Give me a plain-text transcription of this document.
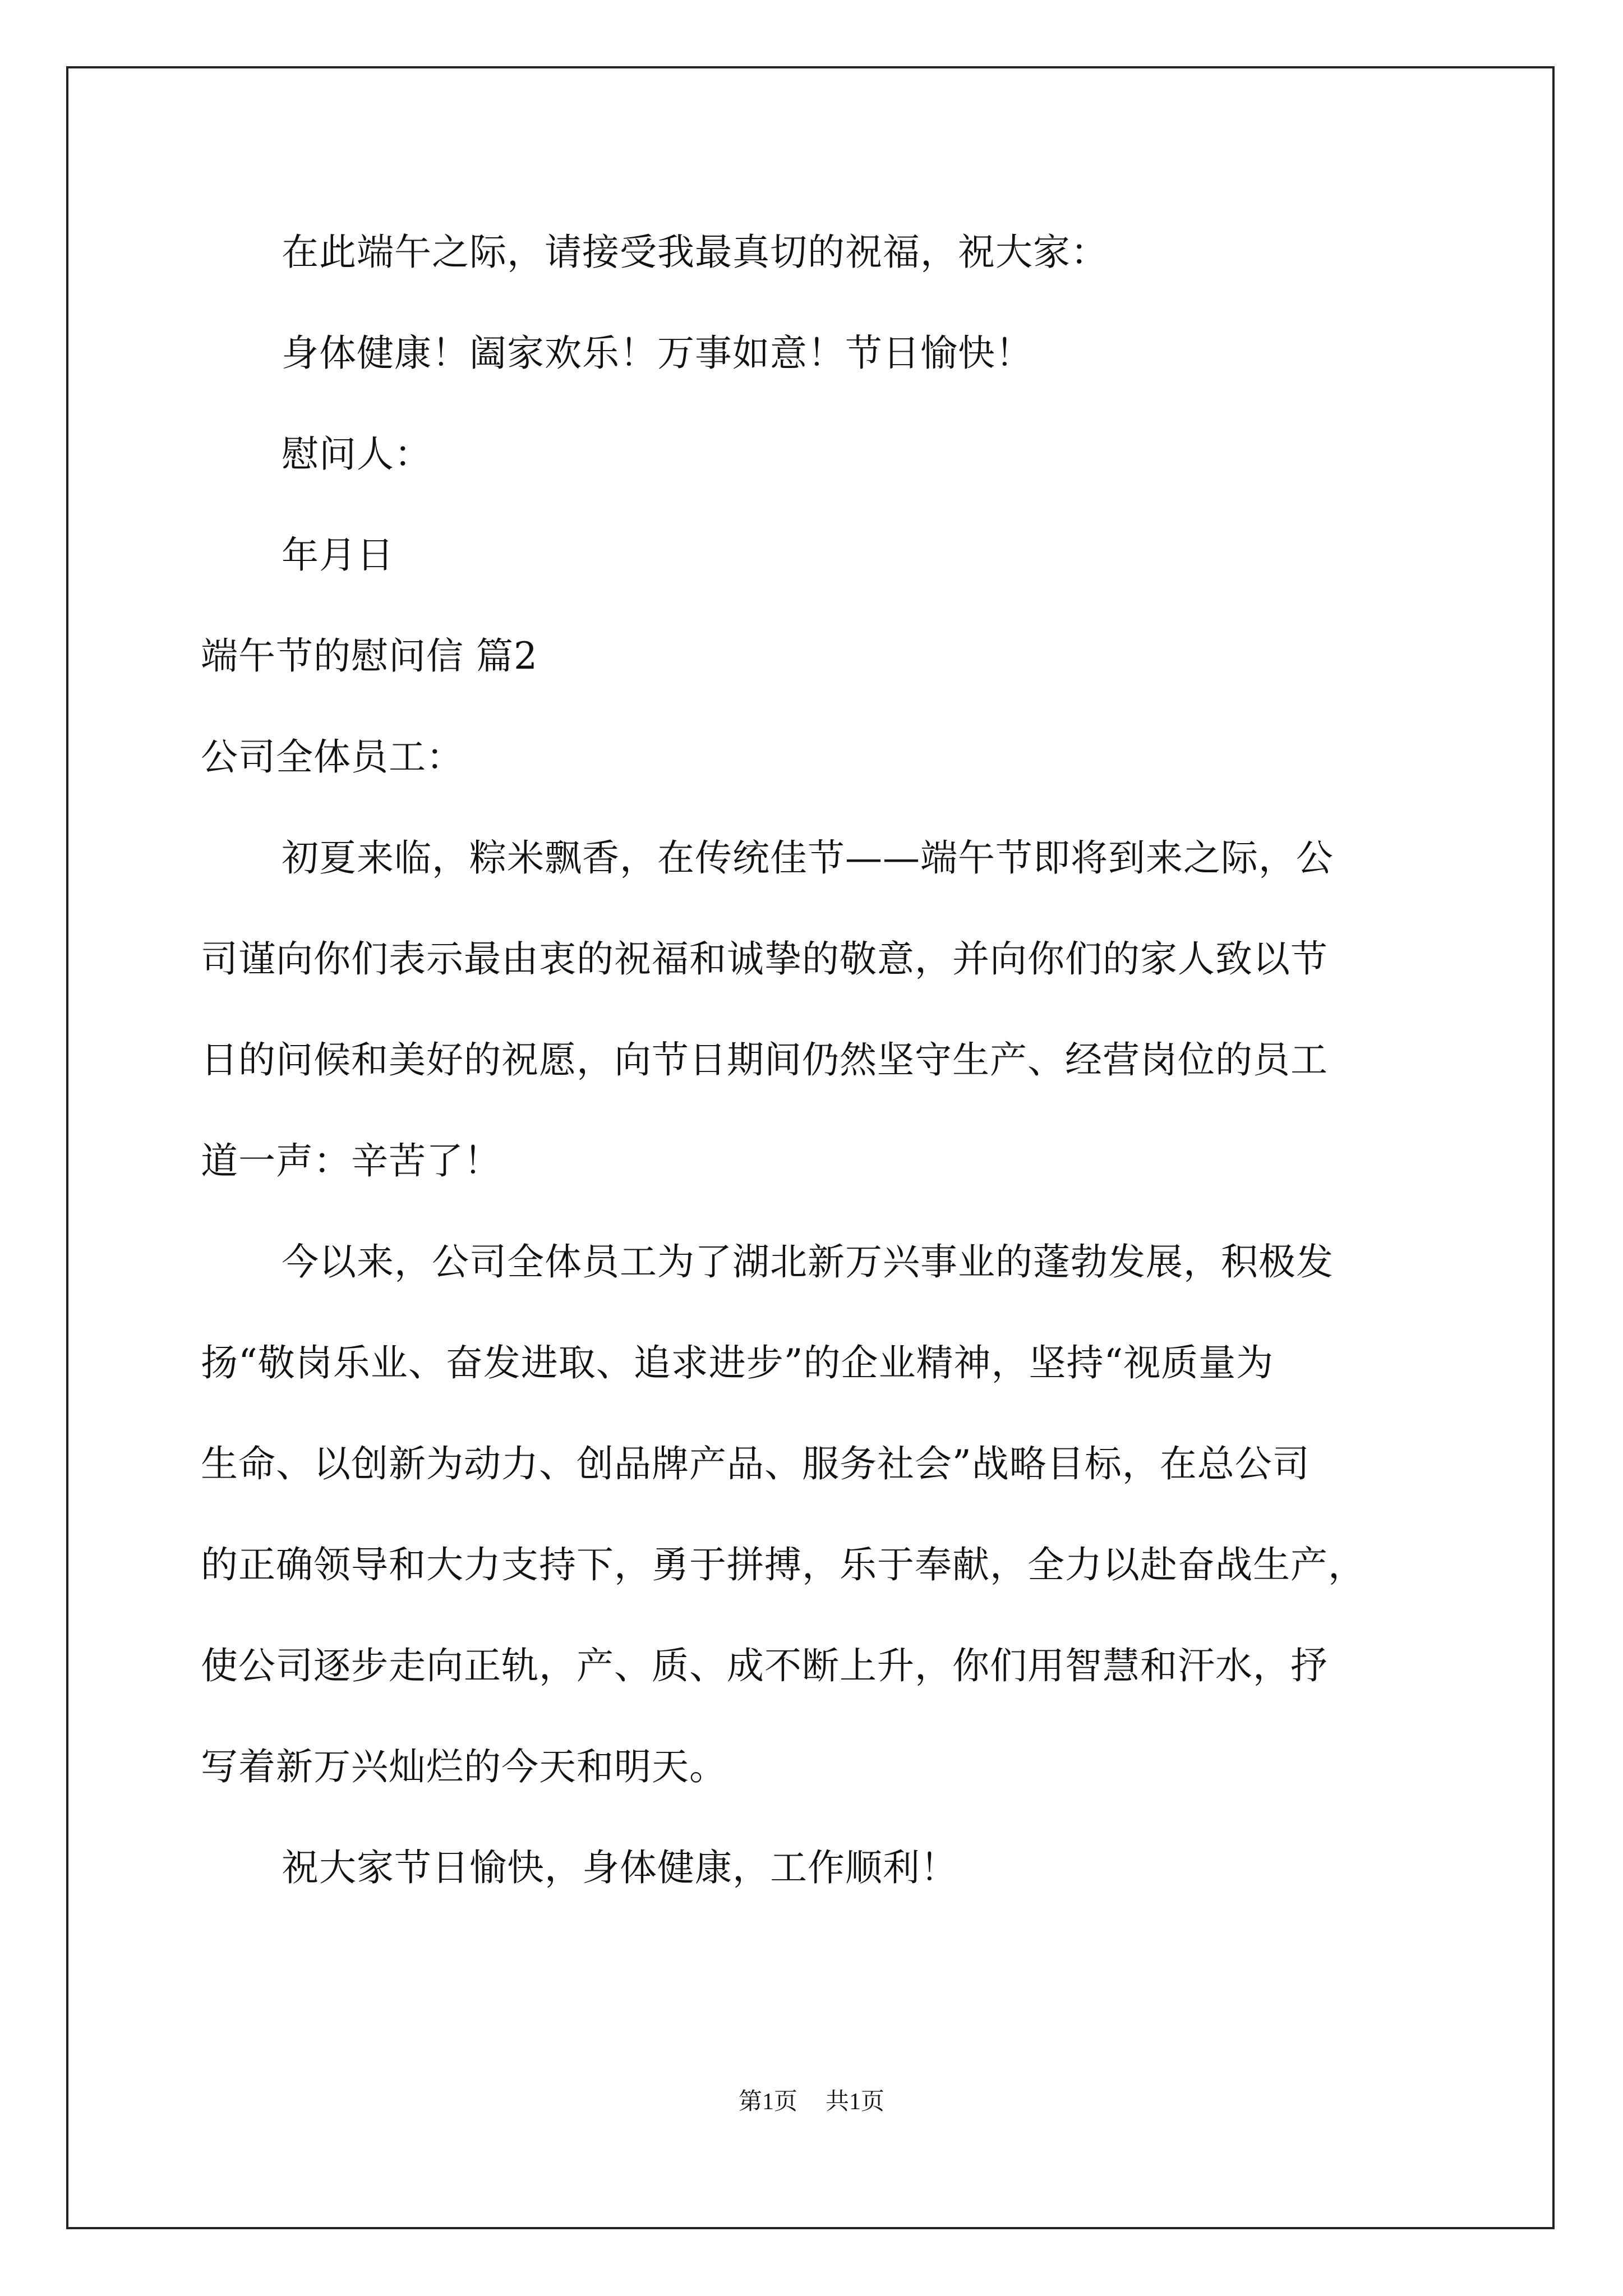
在此端午之际，请接受我最真切的祝福，祝大家：
身体健康！阖家欢乐！万事如意！节日愉快！
慰问人：
年月日
端午节的慰问信 篇2
公司全体员工：
初夏来临，粽米飘香，在传统佳节——端午节即将到来之际，公
司谨向你们表示最由衷的祝福和诚挚的敬意，并向你们的家人致以节
日的问候和美好的祝愿，向节日期间仍然坚守生产、经营岗位的员工
道一声：辛苦了！
今以来，公司全体员工为了湖北新万兴事业的蓬勃发展，积极发
扬“敬岗乐业、奋发进取、追求进步”的企业精神，坚持“视质量为
生命、以创新为动力、创品牌产品、服务社会”战略目标，在总公司
的正确领导和大力支持下，勇于拼搏，乐于奉献，全力以赴奋战生产，
使公司逐步走向正轨，产、质、成不断上升，你们用智慧和汗水，抒
写着新万兴灿烂的今天和明天。
祝大家节日愉快，身体健康，工作顺利！
第1页 共1页
